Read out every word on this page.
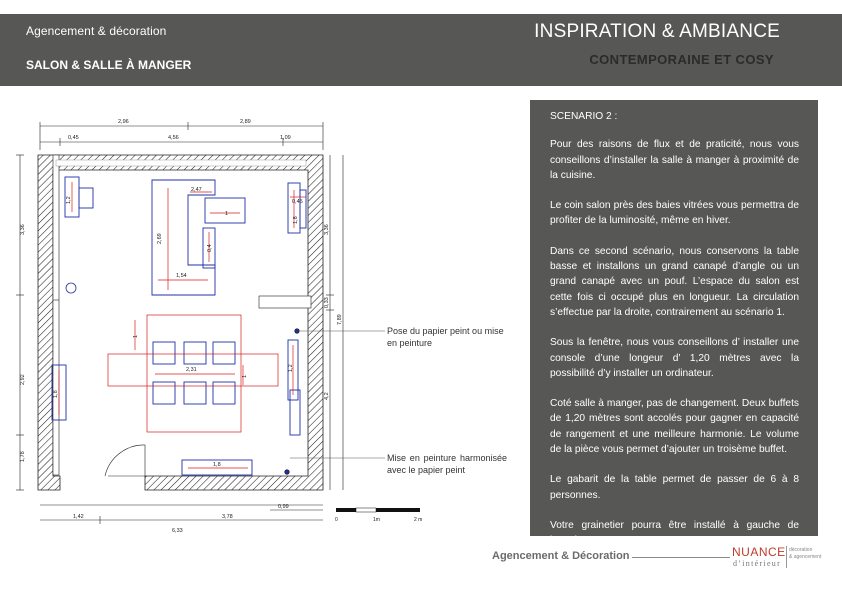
Agencement & décoration
SALON & SALLE À MANGER
INSPIRATION & AMBIANCE
CONTEMPORAINE ET COSY
2,96	2,89
0,45	4,56	1,09
3,36
2,92
1,78
3,36
0,33
4,2
7,89
0,99
1,42	3,78
6,33
1,2
2,69
1,54
2,47
1
0,4
1,8
0,45
1
2,31
1
1,8
1,2
1,8
0	1m	2 m
Pose du papier peint ou mise en peinture
Mise en peinture harmonisée avec le papier peint

SCENARIO 2 :

Pour des raisons de flux et de praticité, nous vous conseillons d’installer la salle à manger à proximité de la cuisine.

Le coin salon près des baies vitrées vous permettra de profiter de la luminosité, même en hiver.

Dans ce second scénario, nous conservons la table basse et installons un grand canapé d’angle ou un grand canapé avec un pouf. L’espace du salon est cette fois ci occupé plus en longueur. La circulation s’effectue par la droite, contrairement au scénario 1.

Sous la fenêtre, nous vous conseillons d’ installer une console d’une longeur d’ 1,20 mètres avec la possibilité d’y installer un ordinateur.

Coté salle à manger, pas de changement. Deux buffets de 1,20 mètres sont accolés pour gagner en capacité de rangement et une meilleure harmonie. Le volume de la pièce vous permet d’ajouter un troisème buffet.

Le gabarit de la table permet de passer de 6 à 8 personnes.

Votre grainetier pourra être installé à gauche de l’entrée.

Agencement & Décoration	NUANCE
d’intérieur
décoration
& agencement
